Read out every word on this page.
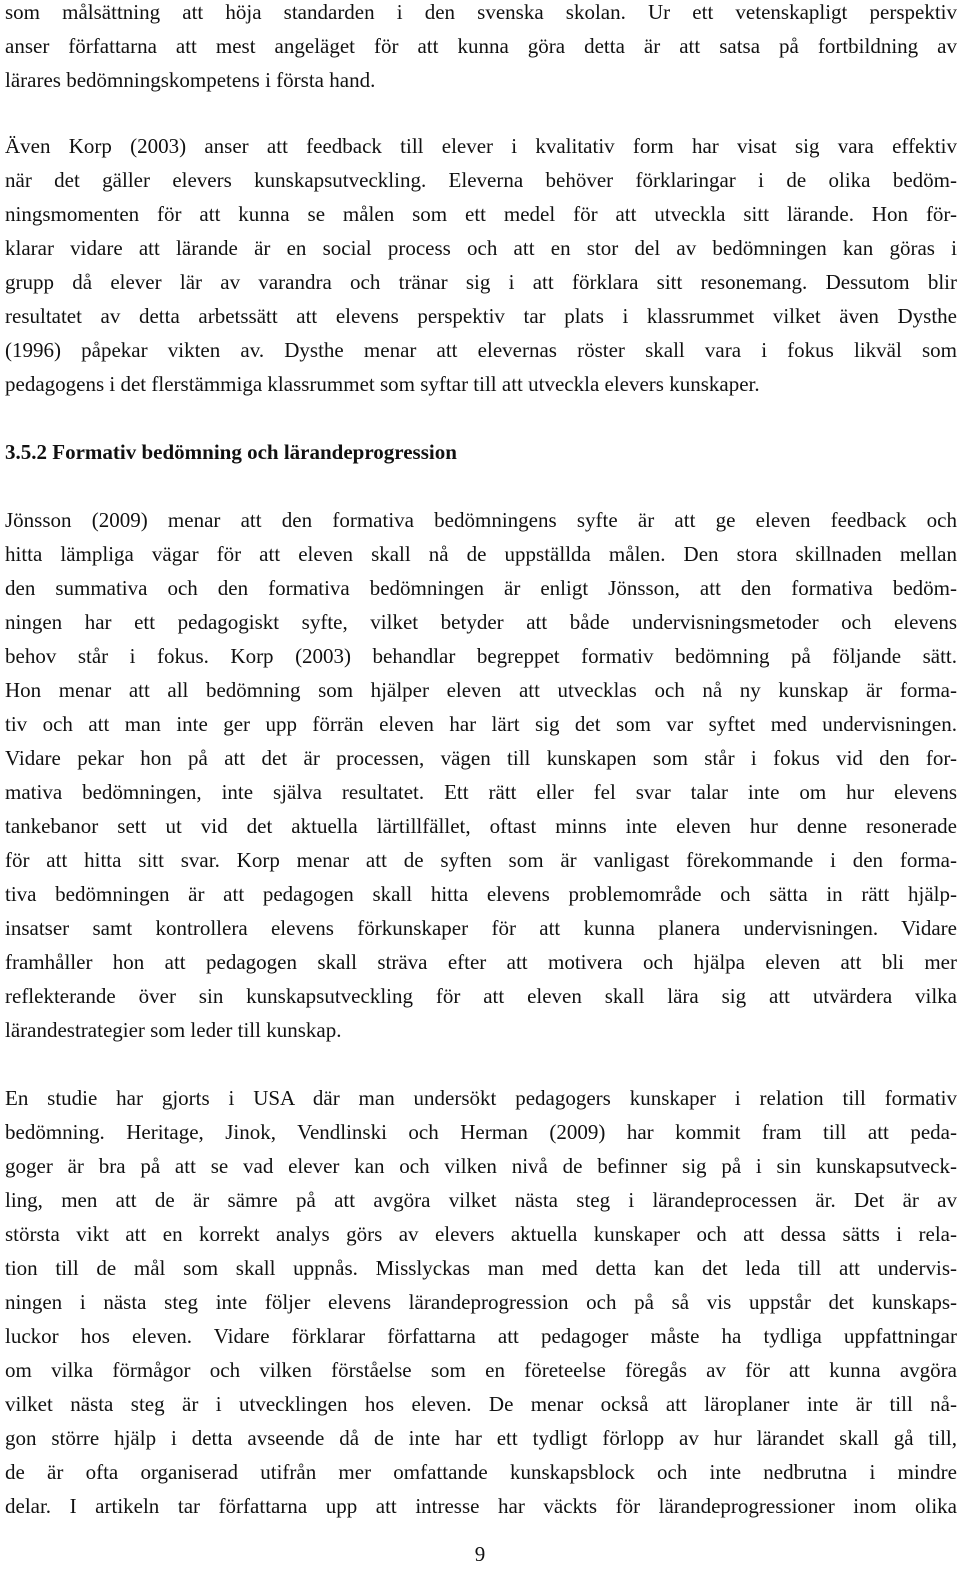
som målsättning att höja standarden i den svenska skolan. Ur ett vetenskapligt perspektiv
anser författarna att mest angeläget för att kunna göra detta är att satsa på fortbildning av
lärares bedömningskompetens i första hand.
Även Korp (2003) anser att feedback till elever i kvalitativ form har visat sig vara effektiv
när det gäller elevers kunskapsutveckling. Eleverna behöver förklaringar i de olika bedöm-
ningsmomenten för att kunna se målen som ett medel för att utveckla sitt lärande. Hon för-
klarar vidare att lärande är en social process och att en stor del av bedömningen kan göras i
grupp då elever lär av varandra och tränar sig i att förklara sitt resonemang. Dessutom blir
resultatet av detta arbetssätt att elevens perspektiv tar plats i klassrummet vilket även Dysthe
(1996) påpekar vikten av. Dysthe menar att elevernas röster skall vara i fokus likväl som
pedagogens i det flerstämmiga klassrummet som syftar till att utveckla elevers kunskaper.
3.5.2 Formativ bedömning och lärandeprogression
Jönsson (2009) menar att den formativa bedömningens syfte är att ge eleven feedback och
hitta lämpliga vägar för att eleven skall nå de uppställda målen. Den stora skillnaden mellan
den summativa och den formativa bedömningen är enligt Jönsson, att den formativa bedöm-
ningen har ett pedagogiskt syfte, vilket betyder att både undervisningsmetoder och elevens
behov står i fokus. Korp (2003) behandlar begreppet formativ bedömning på följande sätt.
Hon menar att all bedömning som hjälper eleven att utvecklas och nå ny kunskap är forma-
tiv och att man inte ger upp förrän eleven har lärt sig det som var syftet med undervisningen.
Vidare pekar hon på att det är processen, vägen till kunskapen som står i fokus vid den for-
mativa bedömningen, inte själva resultatet. Ett rätt eller fel svar talar inte om hur elevens
tankebanor sett ut vid det aktuella lärtillfället, oftast minns inte eleven hur denne resonerade
för att hitta sitt svar. Korp menar att de syften som är vanligast förekommande i den forma-
tiva bedömningen är att pedagogen skall hitta elevens problemområde och sätta in rätt hjälp-
insatser samt kontrollera elevens förkunskaper för att kunna planera undervisningen. Vidare
framhåller hon att pedagogen skall sträva efter att motivera och hjälpa eleven att bli mer
reflekterande över sin kunskapsutveckling för att eleven skall lära sig att utvärdera vilka
lärandestrategier som leder till kunskap.
En studie har gjorts i USA där man undersökt pedagogers kunskaper i relation till formativ
bedömning. Heritage, Jinok, Vendlinski och Herman (2009) har kommit fram till att peda-
goger är bra på att se vad elever kan och vilken nivå de befinner sig på i sin kunskapsutveck-
ling, men att de är sämre på att avgöra vilket nästa steg i lärandeprocessen är. Det är av
största vikt att en korrekt analys görs av elevers aktuella kunskaper och att dessa sätts i rela-
tion till de mål som skall uppnås. Misslyckas man med detta kan det leda till att undervis-
ningen i nästa steg inte följer elevens lärandeprogression och på så vis uppstår det kunskaps-
luckor hos eleven. Vidare förklarar författarna att pedagoger måste ha tydliga uppfattningar
om vilka förmågor och vilken förståelse som en företeelse föregås av för att kunna avgöra
vilket nästa steg är i utvecklingen hos eleven. De menar också att läroplaner inte är till nå-
gon större hjälp i detta avseende då de inte har ett tydligt förlopp av hur lärandet skall gå till,
de är ofta organiserad utifrån mer omfattande kunskapsblock och inte nedbrutna i mindre
delar. I artikeln tar författarna upp att intresse har väckts för lärandeprogressioner inom olika
9
